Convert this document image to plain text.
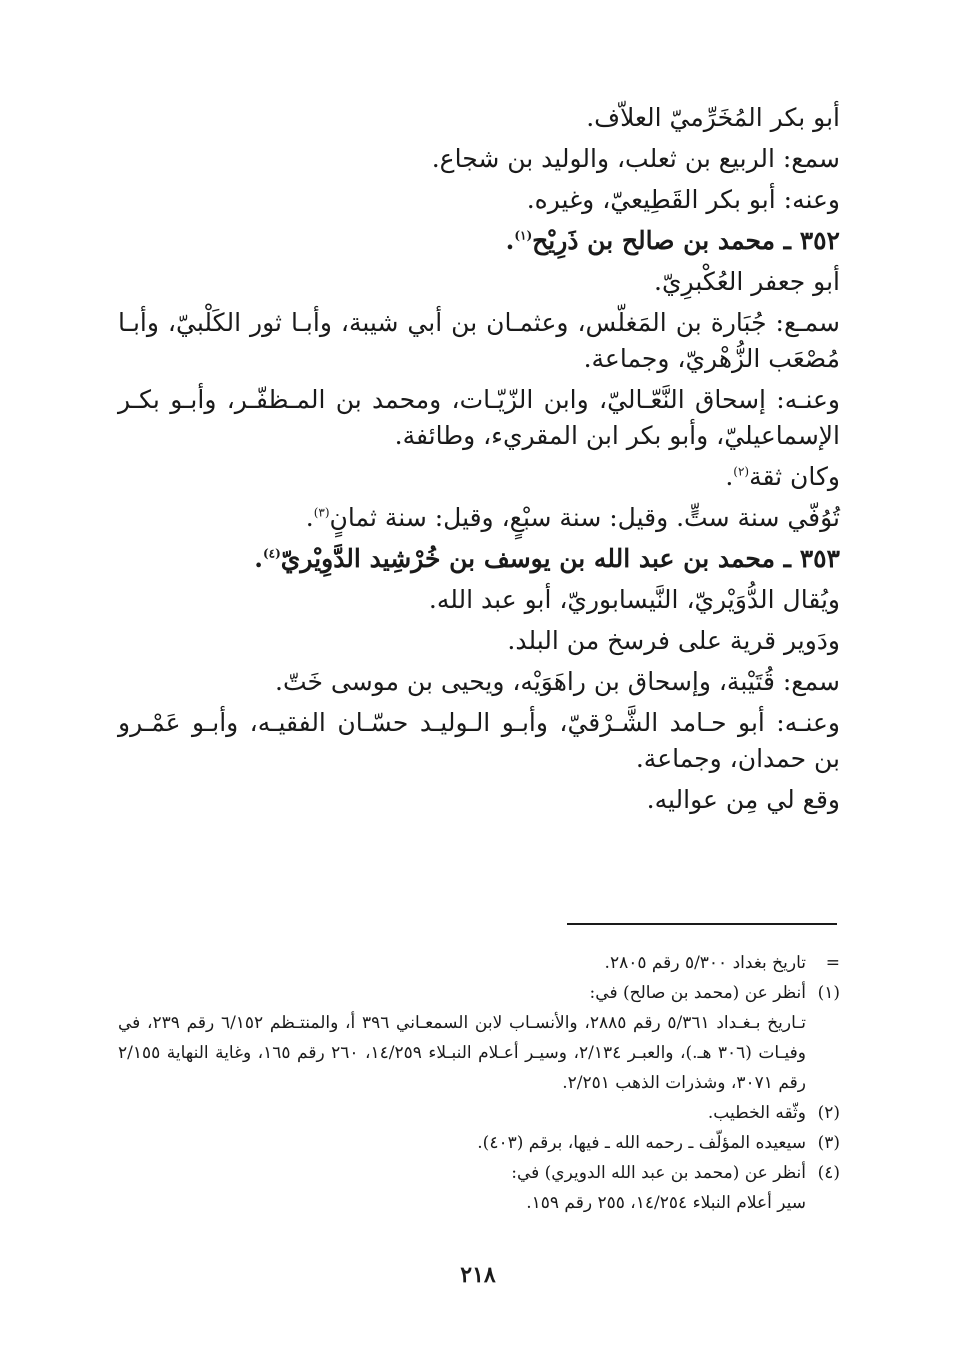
أبو بكر المُخَرِّميّ العلاّف.

سمع: الربيع بن ثعلب، والوليد بن شجاع.

وعنه: أبو بكر القَطِيعيّ، وغيره.

٣٥٢ ـ محمد بن صالح بن ذَرِيْح$^{(١)}$.

أبو جعفر العُكْبرِيّ.

سمـع: جُبَارة بن المَغلّس، وعثمـان بن أبي شيبة، وأبـا ثور الكَلْبيّ، وأبـا مُصْعَب الزُّهْريّ، وجماعة.

وعنـه: إسحاق النَّعّـاليّ، وابن الزّيّـات، ومحمد بن المـظفّـر، وأبـو بكـر الإسماعيليّ، وأبو بكر ابن المقريء، وطائفة.

وكان ثقة$^{(٢)}$.

تُوُفّي سنة ستٍّ. وقيل: سنة سبْعٍ، وقيل: سنة ثمانٍ$^{(٣)}$.

٣٥٣ ـ محمد بن عبد الله بن يوسف بن خُرْشِيد الدَّوِيْريّ$^{(٤)}$.

ويُقال الدُّوَيْريّ، النَّيسابوريّ، أبو عبد الله.

ودَوير قرية على فرسخ من البلد.

سمع: قُتَيْبة، وإسحاق بن راهَوَيْه، ويحيى بن موسى خَتّ.

وعنـه: أبو حـامد الشَّـرْقيّ، وأبـو الـوليـد حسّـان الفقيـه، وأبـو عَمْـرو بن حمدان، وجماعة.

وقع لي مِن عواليه.

=
تاريخ بغداد ٥/٣٠٠ رقم ٢٨٠٥.
(١)
أنظر عن (محمد بن صالح) في:
تـاريخ بـغـداد ٥/٣٦١ رقم ٢٨٨٥، والأنسـاب لابن السمعـاني ٣٩٦ أ، والمنتـظم ٦/١٥٢ رقم ٢٣٩، في وفيـات (٣٠٦ هـ.)، والعبـر ٢/١٣٤، وسيـر أعـلام النبـلاء ١٤/٢٥٩، ٢٦٠ رقم ١٦٥، وغاية النهاية ٢/١٥٥ رقم ٣٠٧١، وشذرات الذهب ٢/٢٥١.
(٢)
وثّقه الخطيب.
(٣)
سيعيده المؤلّف ـ رحمه الله ـ فيها، برقم (٤٠٣).
(٤)
أنظر عن (محمد بن عبد الله الدويري) في:
سير أعلام النبلاء ١٤/٢٥٤، ٢٥٥ رقم ١٥٩.
٢١٨
